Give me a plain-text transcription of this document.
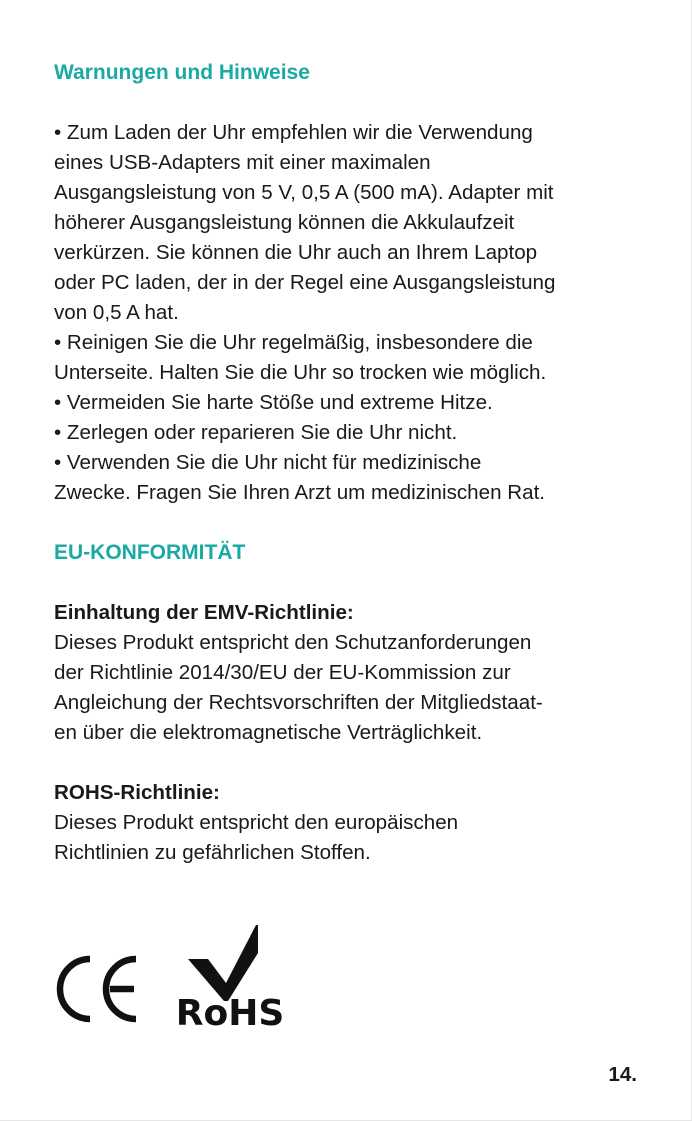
Warnungen und Hinweise
• Zum Laden der Uhr empfehlen wir die Verwendung
eines USB-Adapters mit einer maximalen
Ausgangsleistung von 5 V, 0,5 A (500 mA). Adapter mit
höherer Ausgangsleistung können die Akkulaufzeit
verkürzen. Sie können die Uhr auch an Ihrem Laptop
oder PC laden, der in der Regel eine Ausgangsleistung
von 0,5 A hat.
• Reinigen Sie die Uhr regelmäßig, insbesondere die
Unterseite. Halten Sie die Uhr so trocken wie möglich.
• Vermeiden Sie harte Stöße und extreme Hitze.
• Zerlegen oder reparieren Sie die Uhr nicht.
• Verwenden Sie die Uhr nicht für medizinische
Zwecke. Fragen Sie Ihren Arzt um medizinischen Rat.
EU-KONFORMITÄT
Einhaltung der EMV-Richtlinie:
Dieses Produkt entspricht den Schutzanforderungen
der Richtlinie 2014/30/EU der EU-Kommission zur
Angleichung der Rechtsvorschriften der Mitgliedstaat-
en über die elektromagnetische Verträglichkeit.
ROHS-Richtlinie:
Dieses Produkt entspricht den europäischen
Richtlinien zu gefährlichen Stoffen.
RoHS
14.
